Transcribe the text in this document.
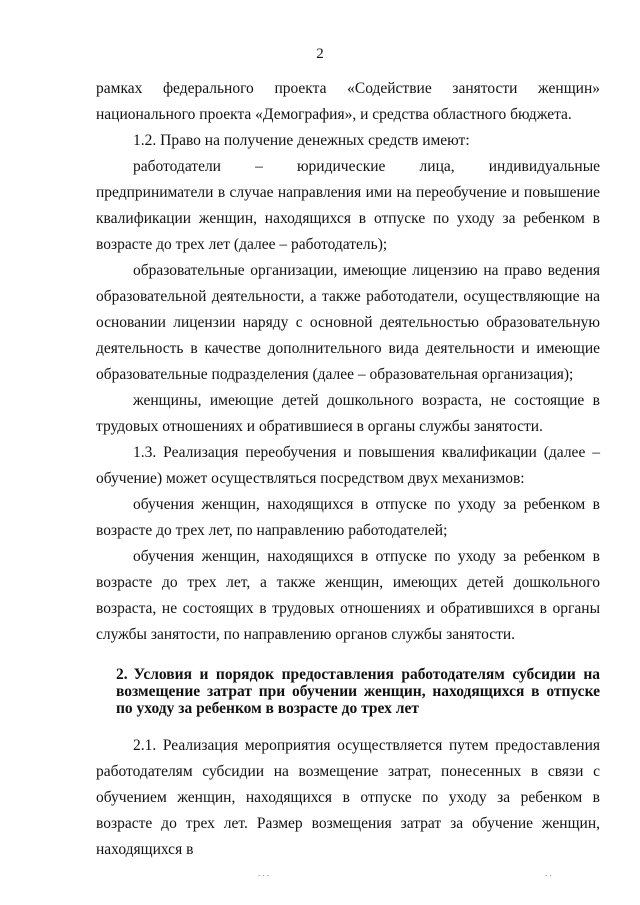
2

рамках федерального проекта «Содействие занятости женщин» национального проекта «Демография», и средства областного бюджета.

1.2. Право на получение денежных средств имеют:

работодатели – юридические лица, индивидуальные предприниматели в случае направления ими на переобучение и повышение квалификации женщин, находящихся в отпуске по уходу за ребенком в возрасте до трех лет (далее – работодатель);

образовательные организации, имеющие лицензию на право ведения образовательной деятельности, а также работодатели, осуществляющие на основании лицензии наряду с основной деятельностью образовательную деятельность в качестве дополнительного вида деятельности и имеющие образовательные подразделения (далее – образовательная организация);

женщины, имеющие детей дошкольного возраста, не состоящие в трудовых отношениях и обратившиеся в органы службы занятости.

1.3. Реализация переобучения и повышения квалификации (далее – обучение) может осуществляться посредством двух механизмов:

обучения женщин, находящихся в отпуске по уходу за ребенком в возрасте до трех лет, по направлению работодателей;

обучения женщин, находящихся в отпуске по уходу за ребенком в возрасте до трех лет, а также женщин, имеющих детей дошкольного возраста, не состоящих в трудовых отношениях и обратившихся в органы службы занятости, по направлению органов службы занятости.

2. Условия и порядок предоставления работодателям субсидии на возмещение затрат при обучении женщин, находящихся в отпуске по уходу за ребенком в возрасте до трех лет

2.1. Реализация мероприятия осуществляется путем предоставления работодателям субсидии на возмещение затрат, понесенных в связи с обучением женщин, находящихся в отпуске по уходу за ребенком в возрасте до трех лет. Размер возмещения затрат за обучение женщин, находящихся в

. . .	. .
